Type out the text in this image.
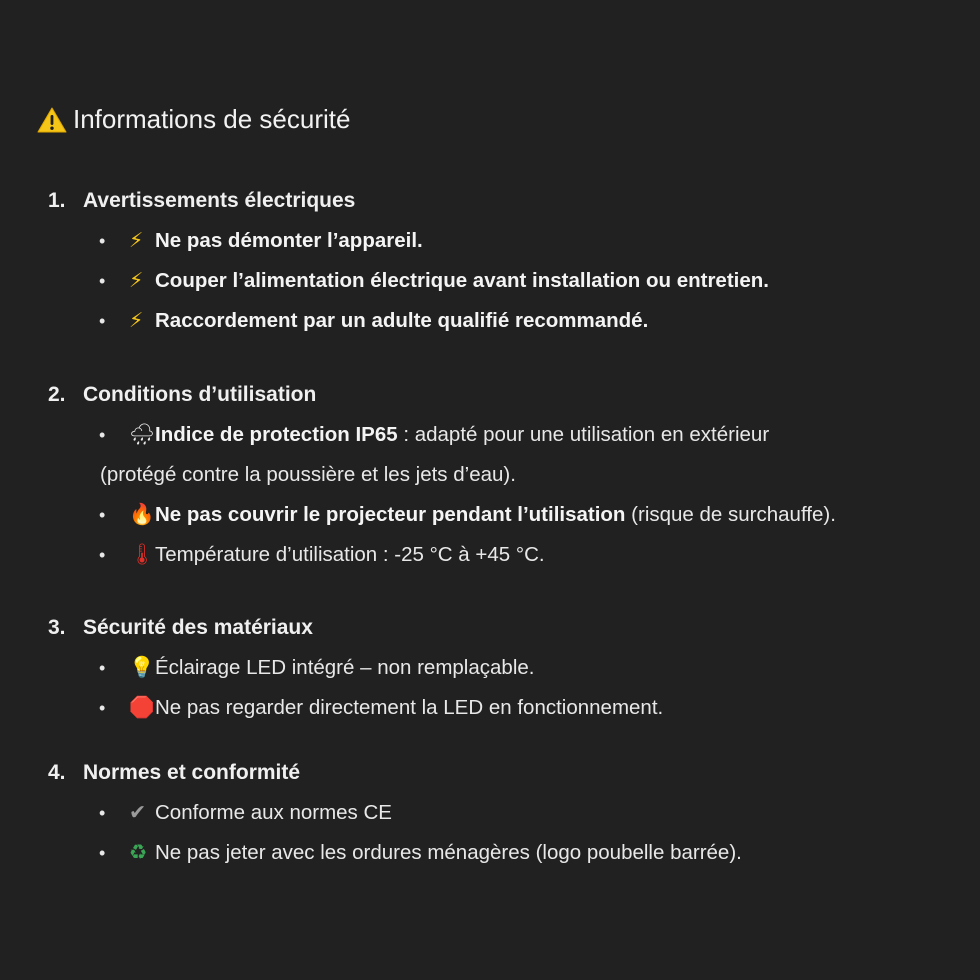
Informations de sécurité
1. Avertissements électriques
• ⚡ Ne pas démonter l’appareil.
• ⚡ Couper l’alimentation électrique avant installation ou entretien.
• ⚡ Raccordement par un adulte qualifié recommandé.
2. Conditions d’utilisation
• 🌧Indice de protection IP65 : adapté pour une utilisation en extérieur
(protégé contre la poussière et les jets d’eau).
• 🔥Ne pas couvrir le projecteur pendant l’utilisation (risque de surchauffe).
• 🌡Température d’utilisation : -25 °C à +45 °C.
3. Sécurité des matériaux
• 💡Éclairage LED intégré – non remplaçable.
• 🛑Ne pas regarder directement la LED en fonctionnement.
4. Normes et conformité
• ✔ Conforme aux normes CE
• ♻ Ne pas jeter avec les ordures ménagères (logo poubelle barrée).
